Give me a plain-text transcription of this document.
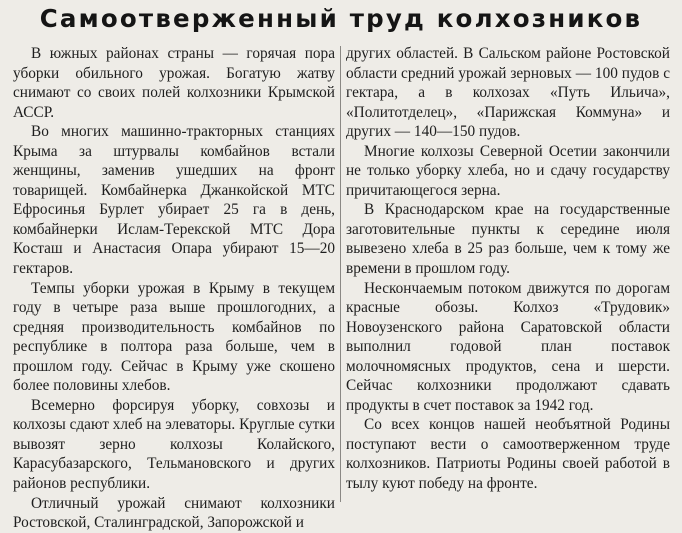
Самоотверженный труд колхозников

В южных районах страны — горячая пора уборки обильного урожая. Богатую жатву снимают со своих полей колхозники Крымской АССР.

Во многих машинно-тракторных станциях Крыма за штурвалы комбайнов встали женщины, заменив ушедших на фронт товарищей. Комбайнерка Джанкойской МТС Ефросинья Бурлет убирает 25 га в день, комбайнерки Ислам-Терекской МТС Дора Косташ и Анастасия Опара убирают 15—20 гектаров.

Темпы уборки урожая в Крыму в текущем году в четыре раза выше прошлогодних, а средняя производительность комбайнов по республике в полтора раза больше, чем в прошлом году. Сейчас в Крыму уже скошено более половины хлебов.

Всемерно форсируя уборку, совхозы и колхозы сдают хлеб на элеваторы. Круглые сутки вывозят зерно колхозы Колайского, Карасубазарского, Тельмановского и других районов республики.

Отличный урожай снимают колхозники Ростовской, Сталинградской, Запорожской и

других областей. В Сальском районе Ростовской области средний урожай зерновых — 100 пудов с гектара, а в колхозах «Путь Ильича», «Политотделец», «Парижская Коммуна» и других — 140—150 пудов.

Многие колхозы Северной Осетии закончили не только уборку хлеба, но и сдачу государству причитающегося зерна.

В Краснодарском крае на государственные заготовительные пункты к середине июля вывезено хлеба в 25 раз больше, чем к тому же времени в прошлом году.

Нескончаемым потоком движутся по дорогам красные обозы. Колхоз «Трудовик» Новоузенского района Саратовской области выполнил годовой план поставок молочномясных продуктов, сена и шерсти. Сейчас колхозники продолжают сдавать продукты в счет поставок за 1942 год.

Со всех концов нашей необъятной Родины поступают вести о самоотверженном труде колхозников. Патриоты Родины своей работой в тылу куют победу на фронте.
